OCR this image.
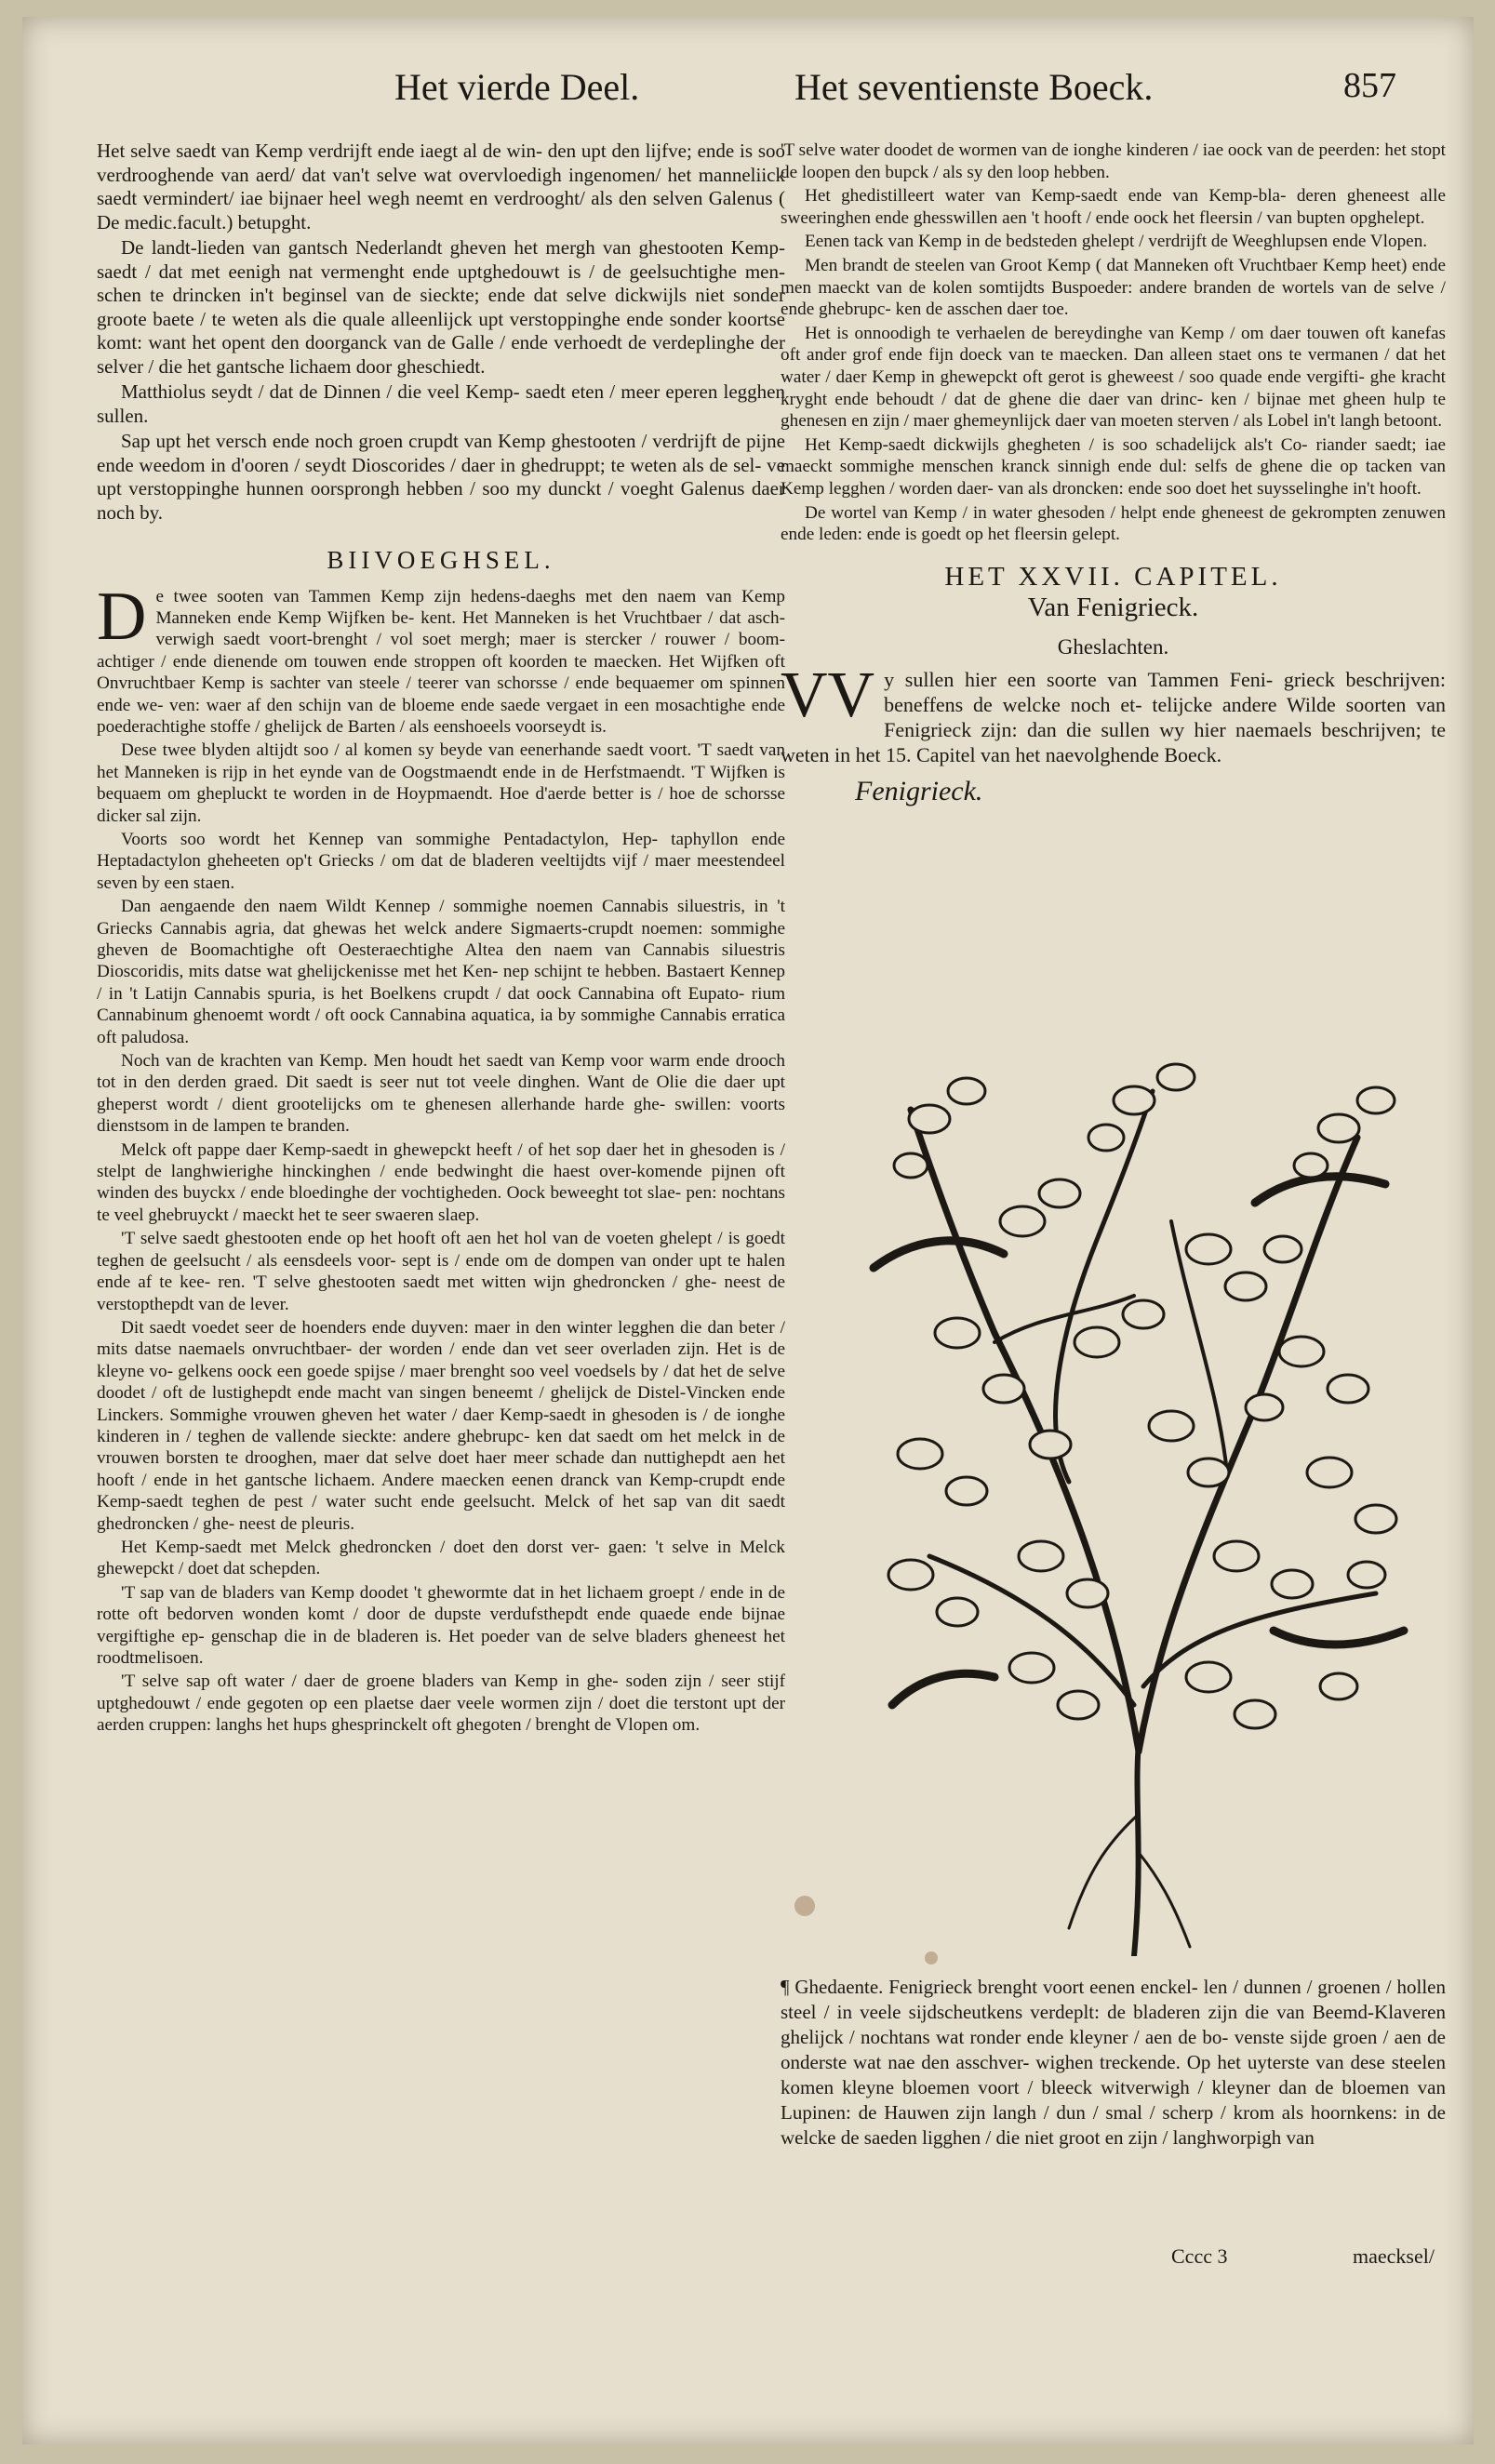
Het vierde Deel.	Het seventienste Boeck.	857

Het selve saedt van Kemp verdrijft ende iaegt al de win- den upt den lijfve; ende is soo verdrooghende van aerd/ dat van't selve wat overvloedigh ingenomen/ het manneliick saedt vermindert/ iae bijnaer heel wegh neemt en verdrooght/ als den selven Galenus ( De medic.facult.) betupght.

De landt-lieden van gantsch Nederlandt gheven het mergh van ghestooten Kemp-saedt / dat met eenigh nat vermenght ende uptghedouwt is / de geelsuchtighe men- schen te drincken in't beginsel van de sieckte; ende dat selve dickwijls niet sonder groote baete / te weten als die quale alleenlijck upt verstoppinghe ende sonder koortse komt: want het opent den doorganck van de Galle / ende verhoedt de verdeplinghe der selver / die het gantsche lichaem door gheschiedt.

Matthiolus seydt / dat de Dinnen / die veel Kemp- saedt eten / meer eperen legghen sullen.

Sap upt het versch ende noch groen crupdt van Kemp ghestooten / verdrijft de pijne ende weedom in d'ooren / seydt Dioscorides / daer in ghedruppt; te weten als de sel- ve upt verstoppinghe hunnen oorsprongh hebben / soo my dunckt / voeght Galenus daer noch by.

BIIVOEGHSEL.

De twee sooten van Tammen Kemp zijn hedens-daeghs met den naem van Kemp Manneken ende Kemp Wijfken be- kent. Het Manneken is het Vruchtbaer / dat asch-verwigh saedt voort-brenght / vol soet mergh; maer is stercker / rouwer / boom- achtiger / ende dienende om touwen ende stroppen oft koorden te maecken. Het Wijfken oft Onvruchtbaer Kemp is sachter van steele / teerer van schorsse / ende bequaemer om spinnen ende we- ven: waer af den schijn van de bloeme ende saede vergaet in een mosachtighe ende poederachtighe stoffe / ghelijck de Barten / als eenshoeels voorseydt is.

Dese twee blyden altijdt soo / al komen sy beyde van eenerhande saedt voort. 'T saedt van het Manneken is rijp in het eynde van de Oogstmaendt ende in de Herfstmaendt. 'T Wijfken is bequaem om ghepluckt te worden in de Hoypmaendt. Hoe d'aerde better is / hoe de schorsse dicker sal zijn.

Voorts soo wordt het Kennep van sommighe Pentadactylon, Hep- taphyllon ende Heptadactylon gheheeten op't Griecks / om dat de bladeren veeltijdts vijf / maer meestendeel seven by een staen.

Dan aengaende den naem Wildt Kennep / sommighe noemen Cannabis siluestris, in 't Griecks Cannabis agria, dat ghewas het welck andere Sigmaerts-crupdt noemen: sommighe gheven de Boomachtighe oft Oesteraechtighe Altea den naem van Cannabis siluestris Dioscoridis, mits datse wat ghelijckenisse met het Ken- nep schijnt te hebben. Bastaert Kennep / in 't Latijn Cannabis spuria, is het Boelkens crupdt / dat oock Cannabina oft Eupato- rium Cannabinum ghenoemt wordt / oft oock Cannabina aquatica, ia by sommighe Cannabis erratica oft paludosa.

Noch van de krachten van Kemp. Men houdt het saedt van Kemp voor warm ende drooch tot in den derden graed. Dit saedt is seer nut tot veele dinghen. Want de Olie die daer upt gheperst wordt / dient grootelijcks om te ghenesen allerhande harde ghe- swillen: voorts dienstsom in de lampen te branden.

Melck oft pappe daer Kemp-saedt in ghewepckt heeft / of het sop daer het in ghesoden is / stelpt de langhwierighe hinckinghen / ende bedwinght die haest over-komende pijnen oft winden des buyckx / ende bloedinghe der vochtigheden. Oock beweeght tot slae- pen: nochtans te veel ghebruyckt / maeckt het te seer swaeren slaep.

'T selve saedt ghestooten ende op het hooft oft aen het hol van de voeten ghelept / is goedt teghen de geelsucht / als eensdeels voor- sept is / ende om de dompen van onder upt te halen ende af te kee- ren. 'T selve ghestooten saedt met witten wijn ghedroncken / ghe- neest de verstopthepdt van de lever.

Dit saedt voedet seer de hoenders ende duyven: maer in den winter legghen die dan beter / mits datse naemaels onvruchtbaer- der worden / ende dan vet seer overladen zijn. Het is de kleyne vo- gelkens oock een goede spijse / maer brenght soo veel voedsels by / dat het de selve doodet / oft de lustighepdt ende macht van singen beneemt / ghelijck de Distel-Vincken ende Linckers. Sommighe vrouwen gheven het water / daer Kemp-saedt in ghesoden is / de ionghe kinderen in / teghen de vallende sieckte: andere ghebrupc- ken dat saedt om het melck in de vrouwen borsten te drooghen, maer dat selve doet haer meer schade dan nuttighepdt aen het hooft / ende in het gantsche lichaem. Andere maecken eenen dranck van Kemp-crupdt ende Kemp-saedt teghen de pest / water sucht ende geelsucht. Melck of het sap van dit saedt ghedroncken / ghe- neest de pleuris.

Het Kemp-saedt met Melck ghedroncken / doet den dorst ver- gaen: 't selve in Melck ghewepckt / doet dat schepden.

'T sap van de bladers van Kemp doodet 't ghewormte dat in het lichaem groept / ende in de rotte oft bedorven wonden komt / door de dupste verdufsthepdt ende quaede ende bijnae vergiftighe ep- genschap die in de bladeren is. Het poeder van de selve bladers gheneest het roodtmelisoen.

'T selve sap oft water / daer de groene bladers van Kemp in ghe- soden zijn / seer stijf uptghedouwt / ende gegoten op een plaetse daer veele wormen zijn / doet die terstont upt der aerden cruppen: langhs het hups ghesprinckelt oft ghegoten / brenght de Vlopen om.

'T selve water doodet de wormen van de ionghe kinderen / iae oock van de peerden: het stopt de loopen den bupck / als sy den loop hebben.

Het ghedistilleert water van Kemp-saedt ende van Kemp-bla- deren gheneest alle sweeringhen ende ghesswillen aen 't hooft / ende oock het fleersin / van bupten opghelept.

Eenen tack van Kemp in de bedsteden ghelept / verdrijft de Weeghlupsen ende Vlopen.

Men brandt de steelen van Groot Kemp ( dat Manneken oft Vruchtbaer Kemp heet) ende men maeckt van de kolen somtijdts Buspoeder: andere branden de wortels van de selve / ende ghebrupc- ken de asschen daer toe.

Het is onnoodigh te verhaelen de bereydinghe van Kemp / om daer touwen oft kanefas oft ander grof ende fijn doeck van te maecken. Dan alleen staet ons te vermanen / dat het water / daer Kemp in ghewepckt oft gerot is gheweest / soo quade ende vergifti- ghe kracht kryght ende behoudt / dat de ghene die daer van drinc- ken / bijnae met gheen hulp te ghenesen en zijn / maer ghemeynlijck daer van moeten sterven / als Lobel in't langh betoont.

Het Kemp-saedt dickwijls ghegheten / is soo schadelijck als't Co- riander saedt; iae maeckt sommighe menschen kranck sinnigh ende dul: selfs de ghene die op tacken van Kemp legghen / worden daer- van als droncken: ende soo doet het suysselinghe in't hooft.

De wortel van Kemp / in water ghesoden / helpt ende gheneest de gekrompten zenuwen ende leden: ende is goedt op het fleersin gelept.

HET XXVII. CAPITEL.
Van Fenigrieck.
Gheslachten.

VV y sullen hier een soorte van Tammen Feni- grieck beschrijven: beneffens de welcke noch et- telijcke andere Wilde soorten van Fenigrieck zijn: dan die sullen wy hier naemaels beschrijven; te weten in het 15. Capitel van het naevolghende Boeck.

Fenigrieck.

¶ Ghedaente. Fenigrieck brenght voort eenen enckel- len / dunnen / groenen / hollen steel / in veele sijdscheutkens verdeplt: de bladeren zijn die van Beemd-Klaveren ghelijck / nochtans wat ronder ende kleyner / aen de bo- venste sijde groen / aen de onderste wat nae den asschver- wighen treckende. Op het uyterste van dese steelen komen kleyne bloemen voort / bleeck witverwigh / kleyner dan de bloemen van Lupinen: de Hauwen zijn langh / dun / smal / scherp / krom als hoornkens: in de welcke de saeden ligghen / die niet groot en zijn / langhworpigh van

Cccc 3	maecksel/
